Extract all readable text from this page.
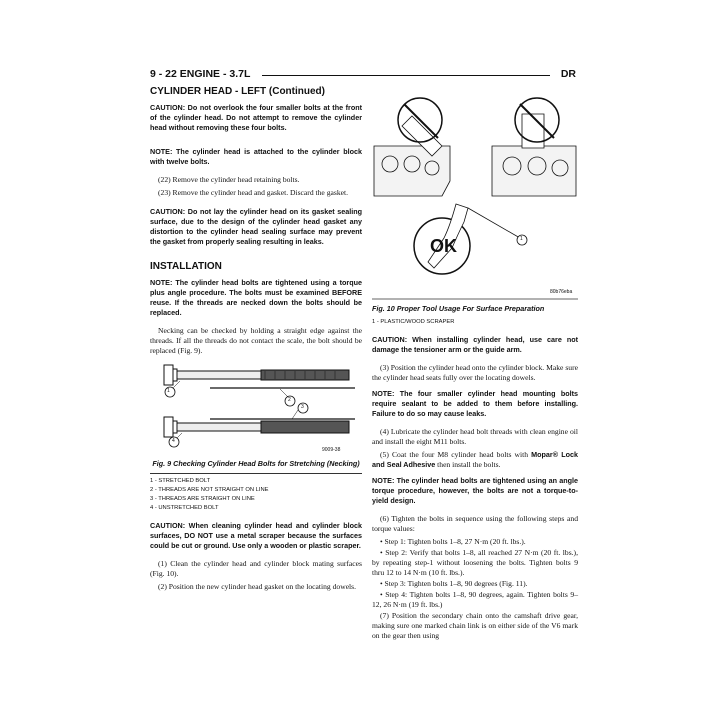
9 - 22 ENGINE - 3.7L	DR
CYLINDER HEAD - LEFT (Continued)
CAUTION: Do not overlook the four smaller bolts at the front of the cylinder head. Do not attempt to remove the cylinder head without removing these four bolts.
NOTE: The cylinder head is attached to the cylinder block with twelve bolts.
(22) Remove the cylinder head retaining bolts.
(23) Remove the cylinder head and gasket. Discard the gasket.
CAUTION: Do not lay the cylinder head on its gasket sealing surface, due to the design of the cylinder head gasket any distortion to the cylinder head sealing surface may prevent the gasket from properly sealing resulting in leaks.
INSTALLATION
NOTE: The cylinder head bolts are tightened using a torque plus angle procedure. The bolts must be examined BEFORE reuse. If the threads are necked down the bolts should be replaced.
Necking can be checked by holding a straight edge against the threads. If all the threads do not contact the scale, the bolt should be replaced (Fig. 9).
1
2
3
4
9009-38
Fig. 9 Checking Cylinder Head Bolts for Stretching (Necking)
1 - STRETCHED BOLT
2 - THREADS ARE NOT STRAIGHT ON LINE
3 - THREADS ARE STRAIGHT ON LINE
4 - UNSTRETCHED BOLT
CAUTION: When cleaning cylinder head and cylinder block surfaces, DO NOT use a metal scraper because the surfaces could be cut or ground. Use only a wooden or plastic scraper.
(1) Clean the cylinder head and cylinder block mating surfaces (Fig. 10).
(2) Position the new cylinder head gasket on the locating dowels.
OK	1
80b76eba
Fig. 10 Proper Tool Usage For Surface Preparation
1 - PLASTIC/WOOD SCRAPER
CAUTION: When installing cylinder head, use care not damage the tensioner arm or the guide arm.
(3) Position the cylinder head onto the cylinder block. Make sure the cylinder head seats fully over the locating dowels.
NOTE: The four smaller cylinder head mounting bolts require sealant to be added to them before installing. Failure to do so may cause leaks.
(4) Lubricate the cylinder head bolt threads with clean engine oil and install the eight M11 bolts.
(5) Coat the four M8 cylinder head bolts with Mopar® Lock and Seal Adhesive then install the bolts.
NOTE: The cylinder head bolts are tightened using an angle torque procedure, however, the bolts are not a torque-to-yield design.
(6) Tighten the bolts in sequence using the following steps and torque values:
• Step 1: Tighten bolts 1–8, 27 N·m (20 ft. lbs.).
• Step 2: Verify that bolts 1–8, all reached 27 N·m (20 ft. lbs.), by repeating step-1 without loosening the bolts. Tighten bolts 9 thru 12 to 14 N·m (10 ft. lbs.).
• Step 3: Tighten bolts 1–8, 90 degrees (Fig. 11).
• Step 4: Tighten bolts 1–8, 90 degrees, again. Tighten bolts 9–12, 26 N·m (19 ft. lbs.)
(7) Position the secondary chain onto the camshaft drive gear, making sure one marked chain link is on either side of the V6 mark on the gear then using
